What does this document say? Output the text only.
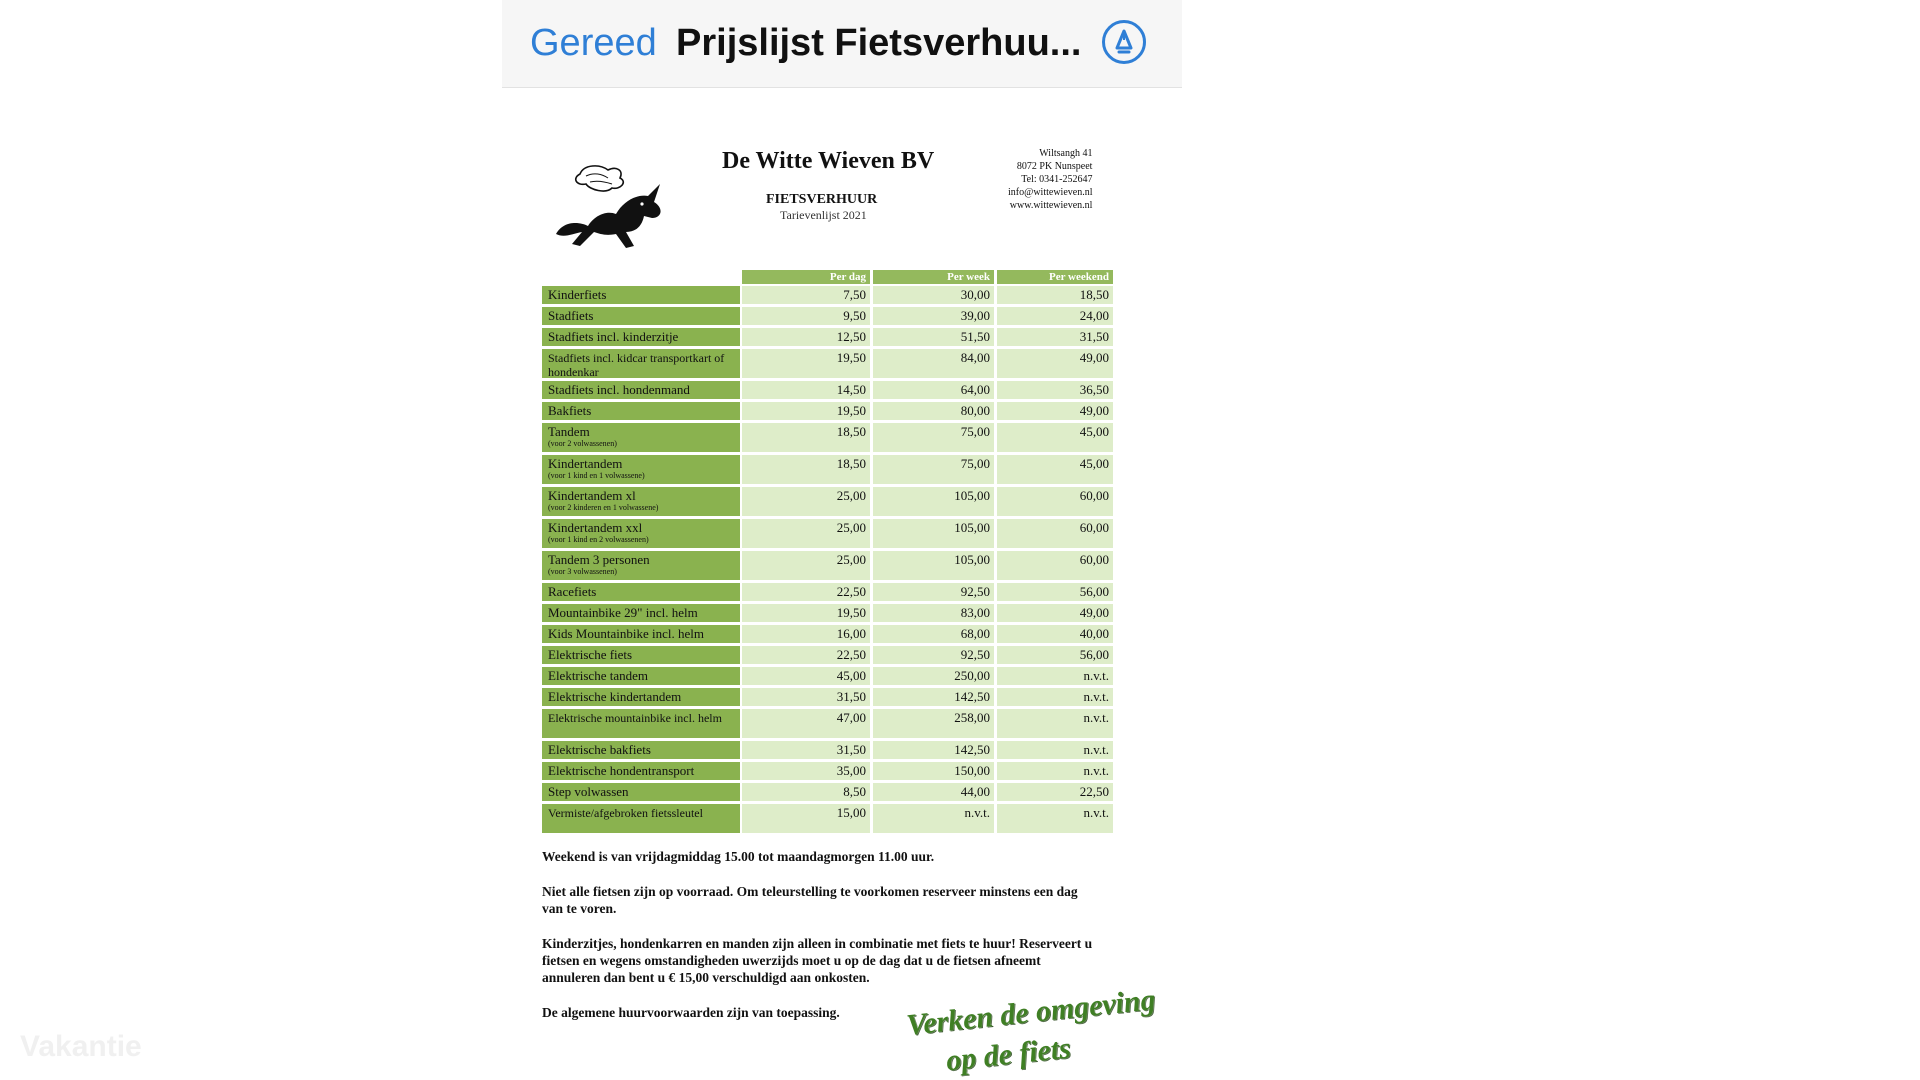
Gereed Prijslijst Fietsverhuu...
De Witte Wieven BV
FIETSVERHUUR
Tarievenlijst 2021
Wiltsangh 41
8072 PK Nunspeet
Tel: 0341-252647
info@wittewieven.nl
www.wittewieven.nl
Per dag	Per week	Per weekend
Kinderfiets	7,50	30,00	18,50
Stadfiets	9,50	39,00	24,00
Stadfiets incl. kinderzitje	12,50	51,50	31,50
Stadfiets incl. kidcar transportkart of hondenkar
19,50	84,00	49,00
Stadfiets incl. hondenmand	14,50	64,00	36,50
Bakfiets	19,50	80,00	49,00
Tandem
(voor 2 volwassenen)
18,50	75,00	45,00
Kindertandem
(voor 1 kind en 1 volwassene)
18,50	75,00	45,00
Kindertandem xl
(voor 2 kinderen en 1 volwassene)
25,00	105,00	60,00
Kindertandem xxl
(voor 1 kind en 2 volwassenen)
25,00	105,00	60,00
Tandem 3 personen
(voor 3 volwassenen)
25,00	105,00	60,00
Racefiets	22,50	92,50	56,00
Mountainbike 29" incl. helm	19,50	83,00	49,00
Kids Mountainbike incl. helm	16,00	68,00	40,00
Elektrische fiets	22,50	92,50	56,00
Elektrische tandem	45,00	250,00	n.v.t.
Elektrische kindertandem	31,50	142,50	n.v.t.
Elektrische mountainbike incl. helm	47,00	258,00	n.v.t.
Elektrische bakfiets	31,50	142,50	n.v.t.
Elektrische hondentransport	35,00	150,00	n.v.t.
Step volwassen	8,50	44,00	22,50
Vermiste/afgebroken fietssleutel	15,00	n.v.t.	n.v.t.

Weekend is van vrijdagmiddag 15.00 tot maandagmorgen 11.00 uur.

Niet alle fietsen zijn op voorraad. Om teleurstelling te voorkomen reserveer minstens een dag van te voren.

Kinderzitjes, hondenkarren en manden zijn alleen in combinatie met fiets te huur! Reserveert u fietsen en wegens omstandigheden uwerzijds moet u op de dag dat u de fietsen afneemt annuleren dan bent u € 15,00 verschuldigd aan onkosten.

De algemene huurvoorwaarden zijn van toepassing.	Verken de omgeving
op de fiets
Vakantie
